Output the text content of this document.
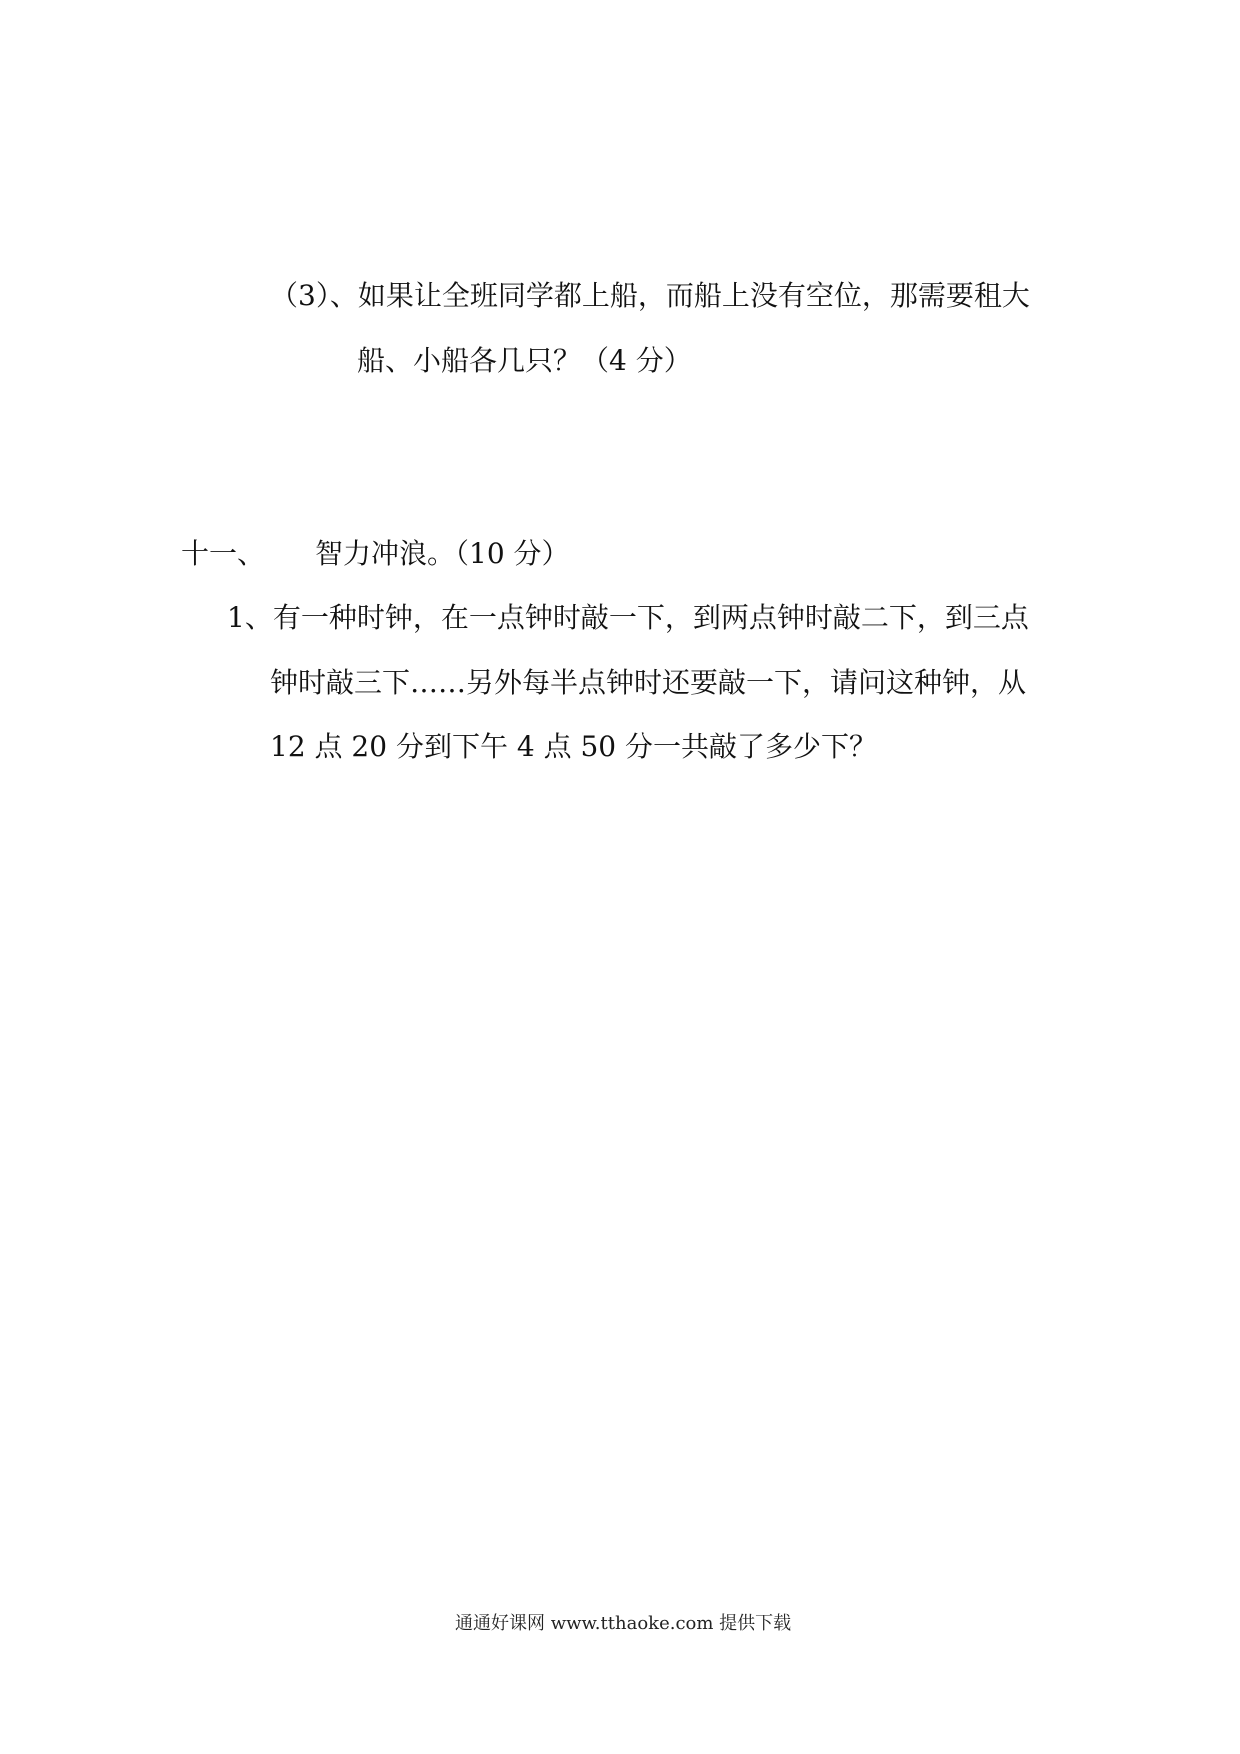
（3）、如果让全班同学都上船，而船上没有空位，那需要租大
船、小船各几只？（4 分）
十一、 智力冲浪。（10 分）
1、有一种时钟，在一点钟时敲一下，到两点钟时敲二下，到三点
钟时敲三下……另外每半点钟时还要敲一下，请问这种钟，从
12 点 20 分到下午 4 点 50 分一共敲了多少下？
通通好课网 www.tthaoke.com 提供下载
